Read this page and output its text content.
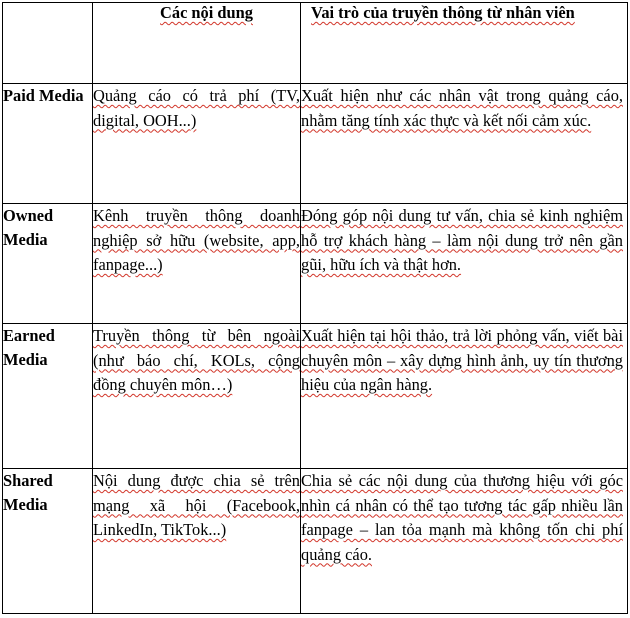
	Các nội dung	Vai trò của truyền thông từ nhân viên

Paid Media	Quảng cáo có trả phí (TV, digital, OOH...)	Xuất hiện như các nhân vật trong quảng cáo, nhằm tăng tính xác thực và kết nối cảm xúc.

Owned Media	Kênh truyền thông doanh nghiệp sở hữu (website, app, fanpage...)	Đóng góp nội dung tư vấn, chia sẻ kinh nghiệm hỗ trợ khách hàng – làm nội dung trở nên gần gũi, hữu ích và thật hơn.

Earned Media	Truyền thông từ bên ngoài (như báo chí, KOLs, cộng đồng chuyên môn…)	Xuất hiện tại hội thảo, trả lời phỏng vấn, viết bài chuyên môn – xây dựng hình ảnh, uy tín thương hiệu của ngân hàng.

Shared Media	Nội dung được chia sẻ trên mạng xã hội (Facebook, LinkedIn, TikTok...)	Chia sẻ các nội dung của thương hiệu với góc nhìn cá nhân có thể tạo tương tác gấp nhiều lần fanpage – lan tỏa mạnh mà không tốn chi phí quảng cáo.
